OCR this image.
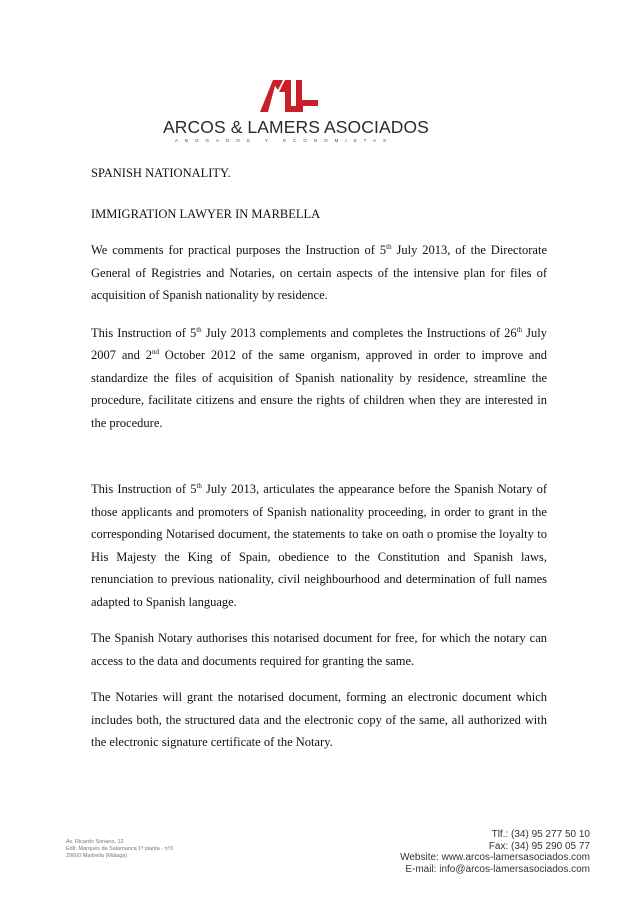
ARCOS & LAMERS ASOCIADOS
ABOGADOS Y ECONOMISTAS

SPANISH NATIONALITY.

IMMIGRATION LAWYER IN MARBELLA

We comments for practical purposes the Instruction of 5th July 2013, of the Directorate General of Registries and Notaries, on certain aspects of the intensive plan for files of acquisition of Spanish nationality by residence.

This Instruction of 5th July 2013 complements and completes the Instructions of 26th July 2007 and 2nd October 2012 of the same organism, approved in order to improve and standardize the files of acquisition of Spanish nationality by residence, streamline the procedure, facilitate citizens and ensure the rights of children when they are interested in the procedure.

This Instruction of 5th July 2013, articulates the appearance before the Spanish Notary of those applicants and promoters of Spanish nationality proceeding, in order to grant in the corresponding Notarised document, the statements to take on oath o promise the loyalty to His Majesty the King of Spain, obedience to the Constitution and Spanish laws, renunciation to previous nationality, civil neighbourhood and determination of full names adapted to Spanish language.

The Spanish Notary authorises this notarised document for free, for which the notary can access to the data and documents required for granting the same.

The Notaries will grant the notarised document, forming an electronic document which includes both, the structured data and the electronic copy of the same, all authorized with the electronic signature certificate of the Notary.

Av. Ricardo Soriano, 12
Edif. Marqués de Salamanca 1ª planta - nº3
29600 Marbella (Málaga)
Tlf.: (34) 95 277 50 10
Fax: (34) 95 290 05 77
Website: www.arcos-lamersasociados.com
E-mail: info@arcos-lamersasociados.com
